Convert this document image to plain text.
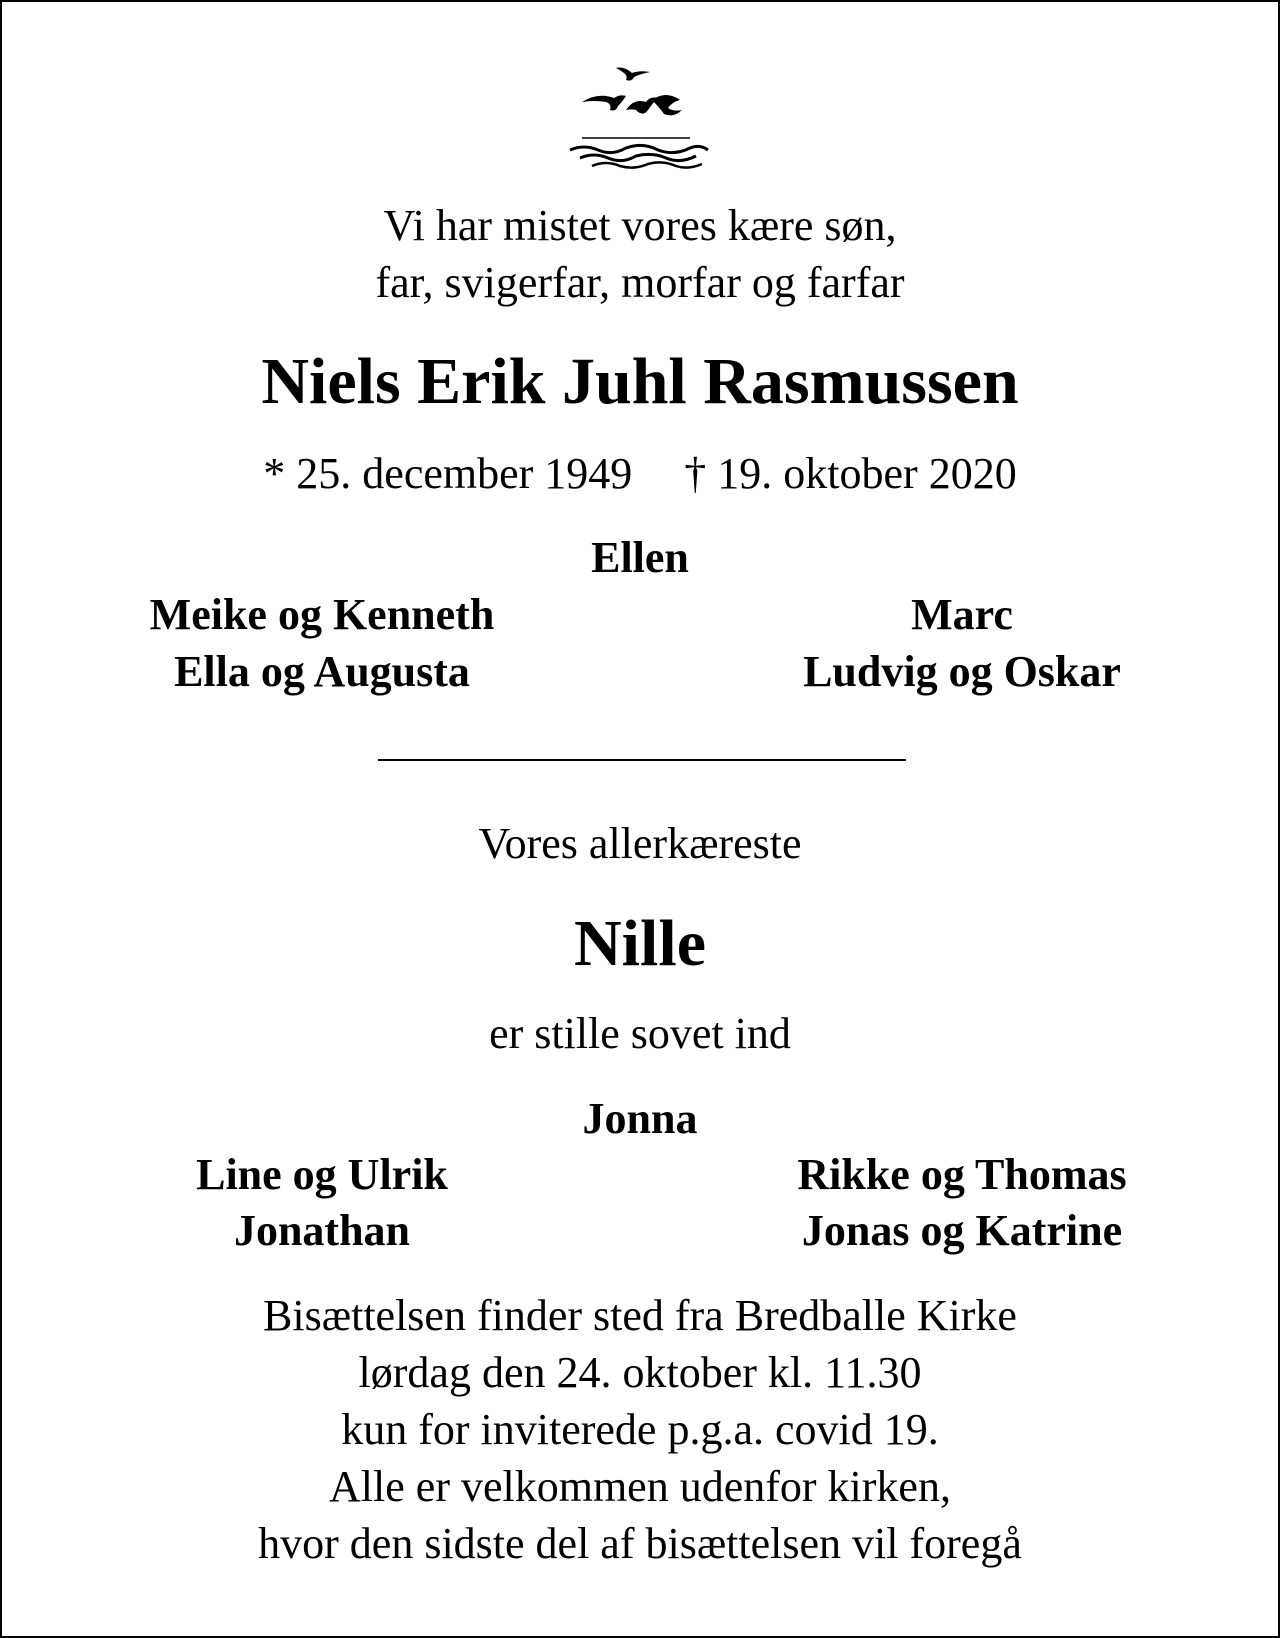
Vi har mistet vores kære søn,
far, svigerfar, morfar og farfar
Niels Erik Juhl Rasmussen
* 25. december 1949 † 19. oktober 2020
Ellen
Meike og Kenneth	Marc
Ella og Augusta	Ludvig og Oskar
Vores allerkæreste
Nille
er stille sovet ind
Jonna
Line og Ulrik	Rikke og Thomas
Jonathan	Jonas og Katrine
Bisættelsen finder sted fra Bredballe Kirke
lørdag den 24. oktober kl. 11.30
kun for inviterede p.g.a. covid 19.
Alle er velkommen udenfor kirken,
hvor den sidste del af bisættelsen vil foregå
